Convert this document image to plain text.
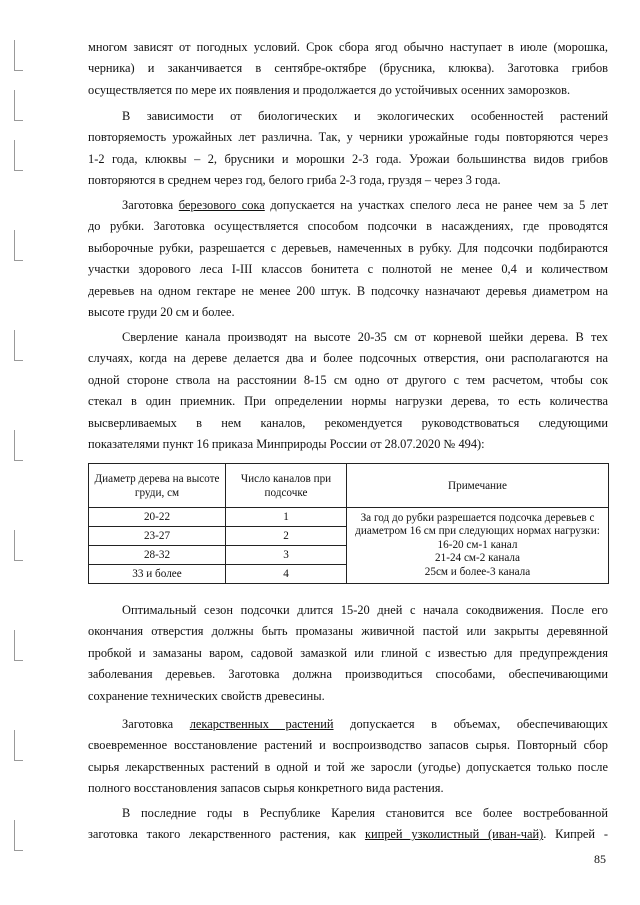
многом зависят от погодных условий. Срок сбора ягод обычно наступает в июле (морошка,
черника) и заканчивается в сентябре-октябре (брусника, клюква). Заготовка грибов
осуществляется по мере их появления и продолжается до устойчивых осенних заморозков.
В зависимости от биологических и экологических особенностей растений
повторяемость урожайных лет различна. Так, у черники урожайные годы повторяются через
1-2 года, клюквы – 2, брусники и морошки 2-3 года. Урожаи большинства видов грибов
повторяются в среднем через год, белого гриба 2-3 года, груздя – через 3 года.
Заготовка березового сока допускается на участках спелого леса не ранее чем за 5 лет
до рубки. Заготовка осуществляется способом подсочки в насаждениях, где проводятся
выборочные рубки, разрешается с деревьев, намеченных в рубку. Для подсочки подбираются
участки здорового леса I-III классов бонитета с полнотой не менее 0,4 и количеством
деревьев на одном гектаре не менее 200 штук. В подсочку назначают деревья диаметром на
высоте груди 20 см и более.
Сверление канала производят на высоте 20-35 см от корневой шейки дерева. В тех
случаях, когда на дереве делается два и более подсочных отверстия, они располагаются на
одной стороне ствола на расстоянии 8-15 см одно от другого с тем расчетом, чтобы сок
стекал в один приемник. При определении нормы нагрузки дерева, то есть количества
высверливаемых в нем каналов, рекомендуется руководствоваться следующими
показателями пункт 16 приказа Минприроды России от 28.07.2020 № 494):
Диаметр дерева на высоте груди, см	Число каналов при подсочке	Примечание
20-22	1	За год до рубки разрешается подсочка деревьев с
диаметром 16 см при следующих нормах нагрузки:
16-20 см-1 канал
21-24 см-2 канала
25см и более-3 канала

23-27	2	
28-32	3	
33 и более	4	
Оптимальный сезон подсочки длится 15-20 дней с начала сокодвижения. После его
окончания отверстия должны быть промазаны живичной пастой или закрыты деревянной
пробкой и замазаны варом, садовой замазкой или глиной с известью для предупреждения
заболевания деревьев. Заготовка должна производиться способами, обеспечивающими
сохранение технических свойств древесины.
Заготовка лекарственных растений допускается в объемах, обеспечивающих
своевременное восстановление растений и воспроизводство запасов сырья. Повторный сбор
сырья лекарственных растений в одной и той же заросли (угодье) допускается только после
полного восстановления запасов сырья конкретного вида растения.
В последние годы в Республике Карелия становится все более востребованной
заготовка такого лекарственного растения, как кипрей узколистный (иван-чай). Кипрей -
85
